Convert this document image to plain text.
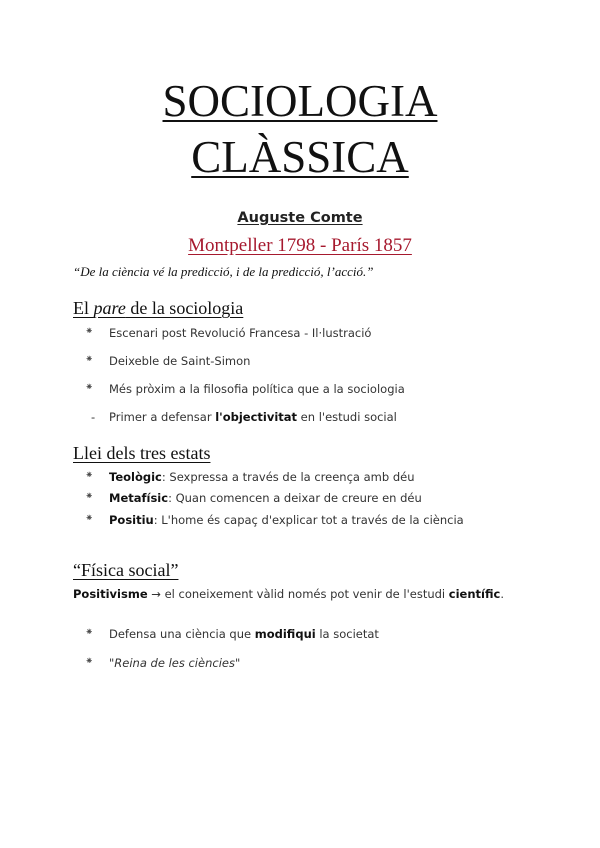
SOCIOLOGIA
CLÀSSICA
Auguste Comte
Montpeller 1798 - París 1857
“De la ciència vé la predicció, i de la predicció, l’acció.”
El pare de la sociologia
⁕ Escenari post Revolució Francesa - Il·lustració
⁕ Deixeble de Saint-Simon
⁕ Més pròxim a la filosofia política que a la sociologia
- Primer a defensar l'objectivitat en l'estudi social
Llei dels tres estats
⁕ Teològic: Sexpressa a través de la creença amb déu
⁕ Metafísic: Quan comencen a deixar de creure en déu
⁕ Positiu: L'home és capaç d'explicar tot a través de la ciència
“Física social”
Positivisme → el coneixement vàlid només pot venir de l'estudi científic.
⁕ Defensa una ciència que modifiqui la societat
⁕ "Reina de les ciències"
